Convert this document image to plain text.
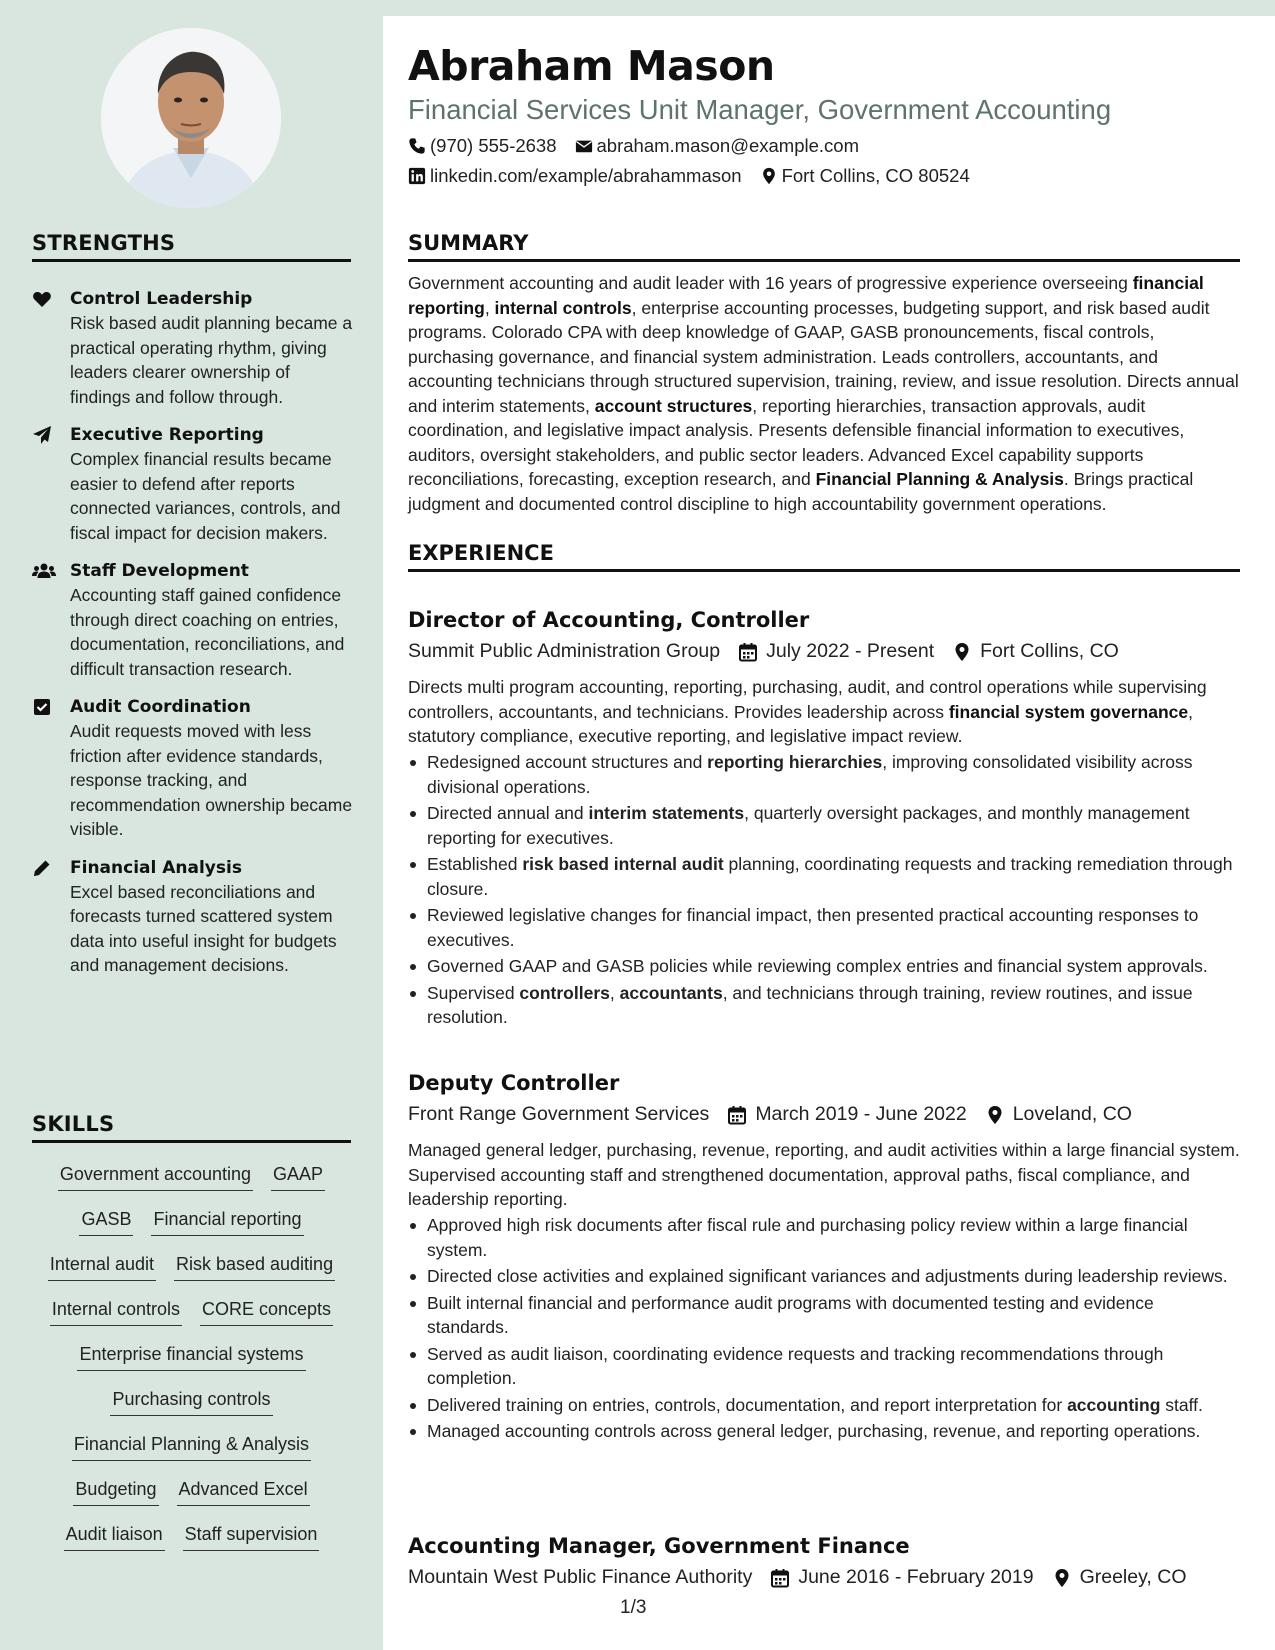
STRENGTHS
Control Leadership
Risk based audit planning became a practical operating rhythm, giving leaders clearer ownership of findings and follow through.
Executive Reporting
Complex financial results became easier to defend after reports connected variances, controls, and fiscal impact for decision makers.
Staff Development
Accounting staff gained confidence through direct coaching on entries, documentation, reconciliations, and difficult transaction research.
Audit Coordination
Audit requests moved with less friction after evidence standards, response tracking, and recommendation ownership became visible.
Financial Analysis
Excel based reconciliations and forecasts turned scattered system data into useful insight for budgets and management decisions.
SKILLS
Government accounting GAAP
GASB Financial reporting
Internal audit Risk based auditing
Internal controls CORE concepts
Enterprise financial systems
Purchasing controls
Financial Planning & Analysis
Budgeting Advanced Excel
Audit liaison Staff supervision
Abraham Mason
Financial Services Unit Manager, Government Accounting
(970) 555-2638 abraham.mason@example.com
linkedin.com/example/abrahammason Fort Collins, CO 80524
SUMMARY
Government accounting and audit leader with 16 years of progressive experience overseeing financial reporting, internal controls, enterprise accounting processes, budgeting support, and risk based audit programs. Colorado CPA with deep knowledge of GAAP, GASB pronouncements, fiscal controls, purchasing governance, and financial system administration. Leads controllers, accountants, and accounting technicians through structured supervision, training, review, and issue resolution. Directs annual and interim statements, account structures, reporting hierarchies, transaction approvals, audit coordination, and legislative impact analysis. Presents defensible financial information to executives, auditors, oversight stakeholders, and public sector leaders. Advanced Excel capability supports reconciliations, forecasting, exception research, and Financial Planning & Analysis. Brings practical judgment and documented control discipline to high accountability government operations.
EXPERIENCE
Director of Accounting, Controller
Summit Public Administration Group July 2022 - Present Fort Collins, CO
Directs multi program accounting, reporting, purchasing, audit, and control operations while supervising controllers, accountants, and technicians. Provides leadership across financial system governance, statutory compliance, executive reporting, and legislative impact review.
Redesigned account structures and reporting hierarchies, improving consolidated visibility across divisional operations.
Directed annual and interim statements, quarterly oversight packages, and monthly management reporting for executives.
Established risk based internal audit planning, coordinating requests and tracking remediation through closure.
Reviewed legislative changes for financial impact, then presented practical accounting responses to executives.
Governed GAAP and GASB policies while reviewing complex entries and financial system approvals.
Supervised controllers, accountants, and technicians through training, review routines, and issue resolution.
Deputy Controller
Front Range Government Services March 2019 - June 2022 Loveland, CO
Managed general ledger, purchasing, revenue, reporting, and audit activities within a large financial system. Supervised accounting staff and strengthened documentation, approval paths, fiscal compliance, and leadership reporting.
Approved high risk documents after fiscal rule and purchasing policy review within a large financial system.
Directed close activities and explained significant variances and adjustments during leadership reviews.
Built internal financial and performance audit programs with documented testing and evidence standards.
Served as audit liaison, coordinating evidence requests and tracking recommendations through completion.
Delivered training on entries, controls, documentation, and report interpretation for accounting staff.
Managed accounting controls across general ledger, purchasing, revenue, and reporting operations.
Accounting Manager, Government Finance
Mountain West Public Finance Authority June 2016 - February 2019 Greeley, CO
1/3
